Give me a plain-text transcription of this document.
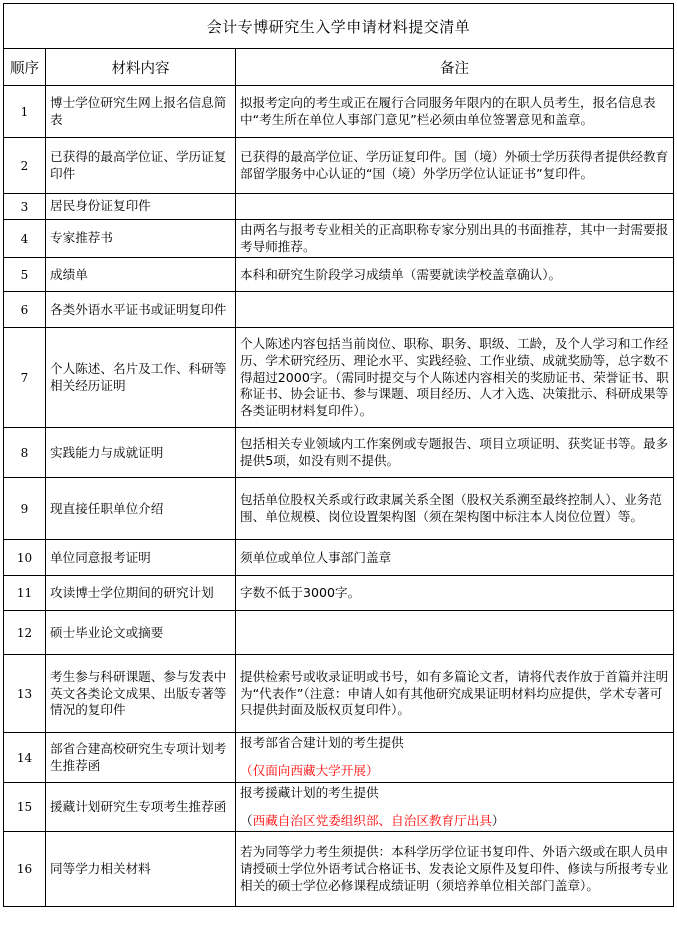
会计专博研究生入学申请材料提交清单		
顺序	材料内容	备注
1	博士学位研究生网上报名信息简表	拟报考定向的考生或正在履行合同服务年限内的在职人员考生，报名信息表中“考生所在单位人事部门意见”栏必须由单位签署意见和盖章。

2	已获得的最高学位证、学历证复印件	已获得的最高学位证、学历证复印件。国（境）外硕士学历获得者提供经教育部留学服务中心认证的“国（境）外学历学位认证证书”复印件。

3	居民身份证复印件	

4	专家推荐书	由两名与报考专业相关的正高职称专家分别出具的书面推荐，其中一封需要报考导师推荐。

5	成绩单	本科和研究生阶段学习成绩单（需要就读学校盖章确认）。

6	各类外语水平证书或证明复印件	

7	个人陈述、名片及工作、科研等相关经历证明	个人陈述内容包括当前岗位、职称、职务、职级、工龄，及个人学习和工作经历、学术研究经历、理论水平、实践经验、工作业绩、成就奖励等，总字数不得超过2000字。（需同时提交与个人陈述内容相关的奖励证书、荣誉证书、职称证书、协会证书、参与课题、项目经历、人才入选、决策批示、科研成果等各类证明材料复印件）。

8	实践能力与成就证明	包括相关专业领域内工作案例或专题报告、项目立项证明、获奖证书等。最多提供5项，如没有则不提供。

9	现直接任职单位介绍	包括单位股权关系或行政隶属关系全图（股权关系溯至最终控制人）、业务范围、单位规模、岗位设置架构图（须在架构图中标注本人岗位位置）等。

10	单位同意报考证明	须单位或单位人事部门盖章

11	攻读博士学位期间的研究计划	字数不低于3000字。

12	硕士毕业论文或摘要	

13	考生参与科研课题、参与发表中英文各类论文成果、出版专著等情况的复印件	提供检索号或收录证明或书号，如有多篇论文者，请将代表作放于首篇并注明为“代表作”（注意：申请人如有其他研究成果证明材料均应提供，学术专著可只提供封面及版权页复印件）。

14	部省合建高校研究生专项计划考生推荐函	报考部省合建计划的考生提供

（仅面向西藏大学开展）

15	援藏计划研究生专项考生推荐函	报考援藏计划的考生提供

（西藏自治区党委组织部、自治区教育厅出具）

16	同等学力相关材料	若为同等学力考生须提供：本科学历学位证书复印件、外语六级或在职人员申请授硕士学位外语考试合格证书、发表论文原件及复印件、修读与所报考专业相关的硕士学位必修课程成绩证明（须培养单位相关部门盖章）。
